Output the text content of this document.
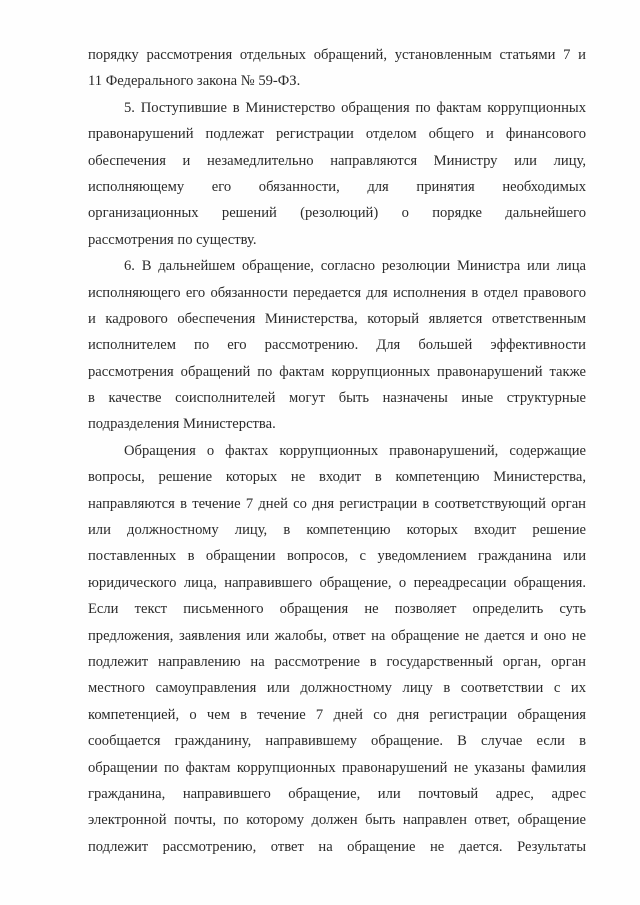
порядку рассмотрения отдельных обращений, установленным статьями 7 и
11 Федерального закона № 59-ФЗ.
5. Поступившие в Министерство обращения по фактам коррупционных
правонарушений подлежат регистрации отделом общего и финансового
обеспечения и незамедлительно направляются Министру или лицу,
исполняющему его обязанности, для принятия необходимых
организационных решений (резолюций) о порядке дальнейшего
рассмотрения по существу.
6. В дальнейшем обращение, согласно резолюции Министра или лица
исполняющего его обязанности передается для исполнения в отдел правового
и кадрового обеспечения Министерства, который является ответственным
исполнителем по его рассмотрению. Для большей эффективности
рассмотрения обращений по фактам коррупционных правонарушений также
в качестве соисполнителей могут быть назначены иные структурные
подразделения Министерства.
Обращения о фактах коррупционных правонарушений, содержащие
вопросы, решение которых не входит в компетенцию Министерства,
направляются в течение 7 дней со дня регистрации в соответствующий орган
или должностному лицу, в компетенцию которых входит решение
поставленных в обращении вопросов, с уведомлением гражданина или
юридического лица, направившего обращение, о переадресации обращения.
Если текст письменного обращения не позволяет определить суть
предложения, заявления или жалобы, ответ на обращение не дается и оно не
подлежит направлению на рассмотрение в государственный орган, орган
местного самоуправления или должностному лицу в соответствии с их
компетенцией, о чем в течение 7 дней со дня регистрации обращения
сообщается гражданину, направившему обращение. В случае если в
обращении по фактам коррупционных правонарушений не указаны фамилия
гражданина, направившего обращение, или почтовый адрес, адрес
электронной почты, по которому должен быть направлен ответ, обращение
подлежит рассмотрению, ответ на обращение не дается. Результаты
